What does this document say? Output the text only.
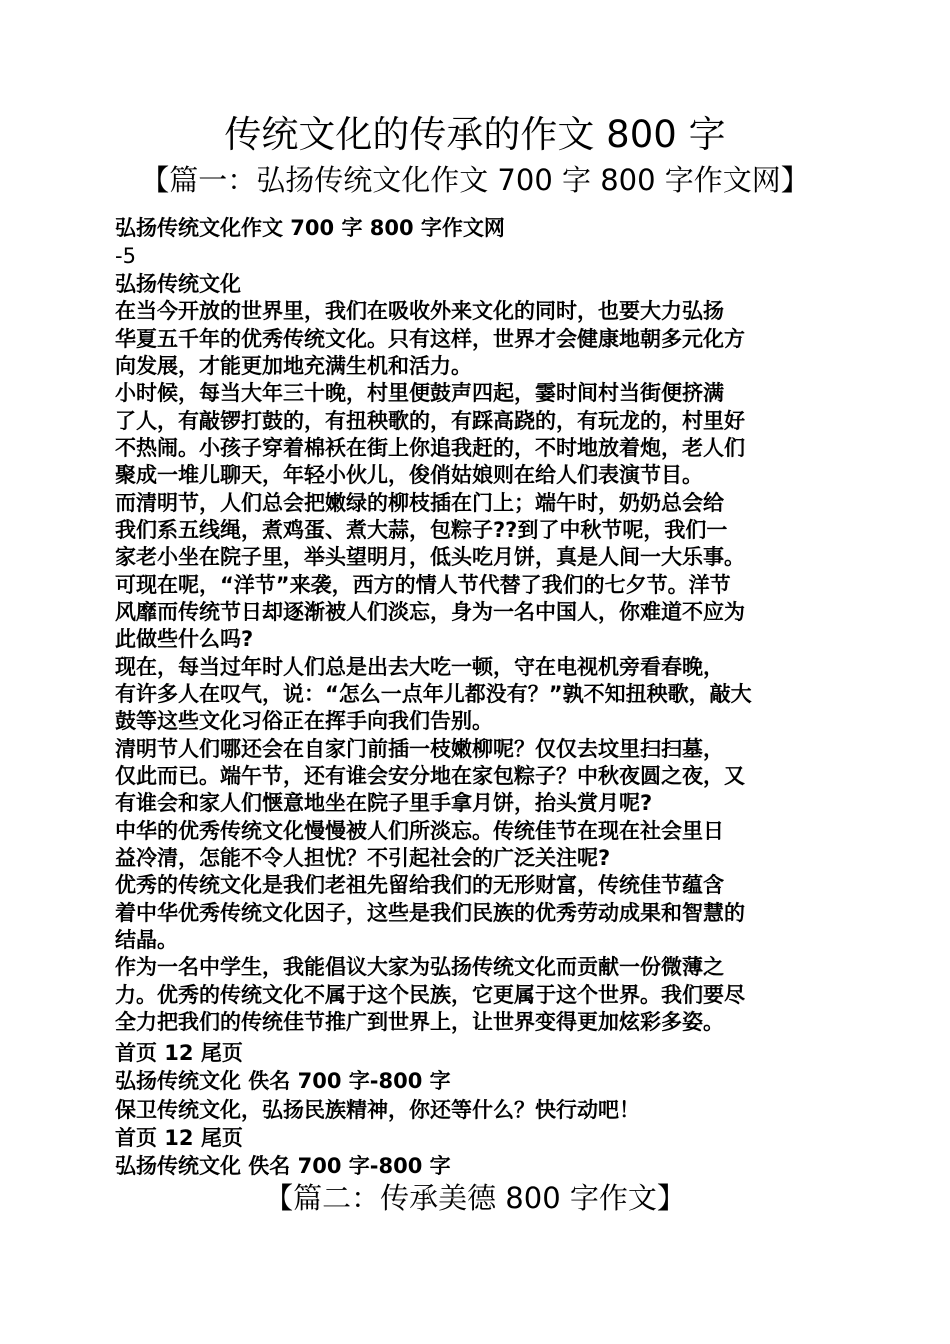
传统文化的传承的作文 800 字
【篇一：弘扬传统文化作文 700 字 800 字作文网】
弘扬传统文化作文 700 字 800 字作文网
-5
弘扬传统文化
在当今开放的世界里，我们在吸收外来文化的同时，也要大力弘扬
华夏五千年的优秀传统文化。只有这样，世界才会健康地朝多元化方
向发展，才能更加地充满生机和活力。
小时候，每当大年三十晚，村里便鼓声四起，霎时间村当街便挤满
了人，有敲锣打鼓的，有扭秧歌的，有踩高跷的，有玩龙的，村里好
不热闹。小孩子穿着棉袄在街上你追我赶的，不时地放着炮，老人们
聚成一堆儿聊天，年轻小伙儿，俊俏姑娘则在给人们表演节目。
而清明节，人们总会把嫩绿的柳枝插在门上；端午时，奶奶总会给
我们系五线绳，煮鸡蛋、煮大蒜，包粽子??到了中秋节呢，我们一
家老小坐在院子里，举头望明月，低头吃月饼，真是人间一大乐事。
可现在呢，“洋节”来袭，西方的情人节代替了我们的七夕节。洋节
风靡而传统节日却逐渐被人们淡忘，身为一名中国人，你难道不应为
此做些什么吗?
现在，每当过年时人们总是出去大吃一顿，守在电视机旁看春晚，
有许多人在叹气，说：“怎么一点年儿都没有？”孰不知扭秧歌，敲大
鼓等这些文化习俗正在挥手向我们告别。
清明节人们哪还会在自家门前插一枝嫩柳呢？仅仅去坟里扫扫墓，
仅此而已。端午节，还有谁会安分地在家包粽子？中秋夜圆之夜，又
有谁会和家人们惬意地坐在院子里手拿月饼，抬头赏月呢?
中华的优秀传统文化慢慢被人们所淡忘。传统佳节在现在社会里日
益冷清，怎能不令人担忧？不引起社会的广泛关注呢?
优秀的传统文化是我们老祖先留给我们的无形财富，传统佳节蕴含
着中华优秀传统文化因子，这些是我们民族的优秀劳动成果和智慧的
结晶。
作为一名中学生，我能倡议大家为弘扬传统文化而贡献一份微薄之
力。优秀的传统文化不属于这个民族，它更属于这个世界。我们要尽
全力把我们的传统佳节推广到世界上，让世界变得更加炫彩多姿。
首页 12 尾页
弘扬传统文化 佚名 700 字-800 字
保卫传统文化，弘扬民族精神，你还等什么？快行动吧！
首页 12 尾页
弘扬传统文化 佚名 700 字-800 字
【篇二：传承美德 800 字作文】
